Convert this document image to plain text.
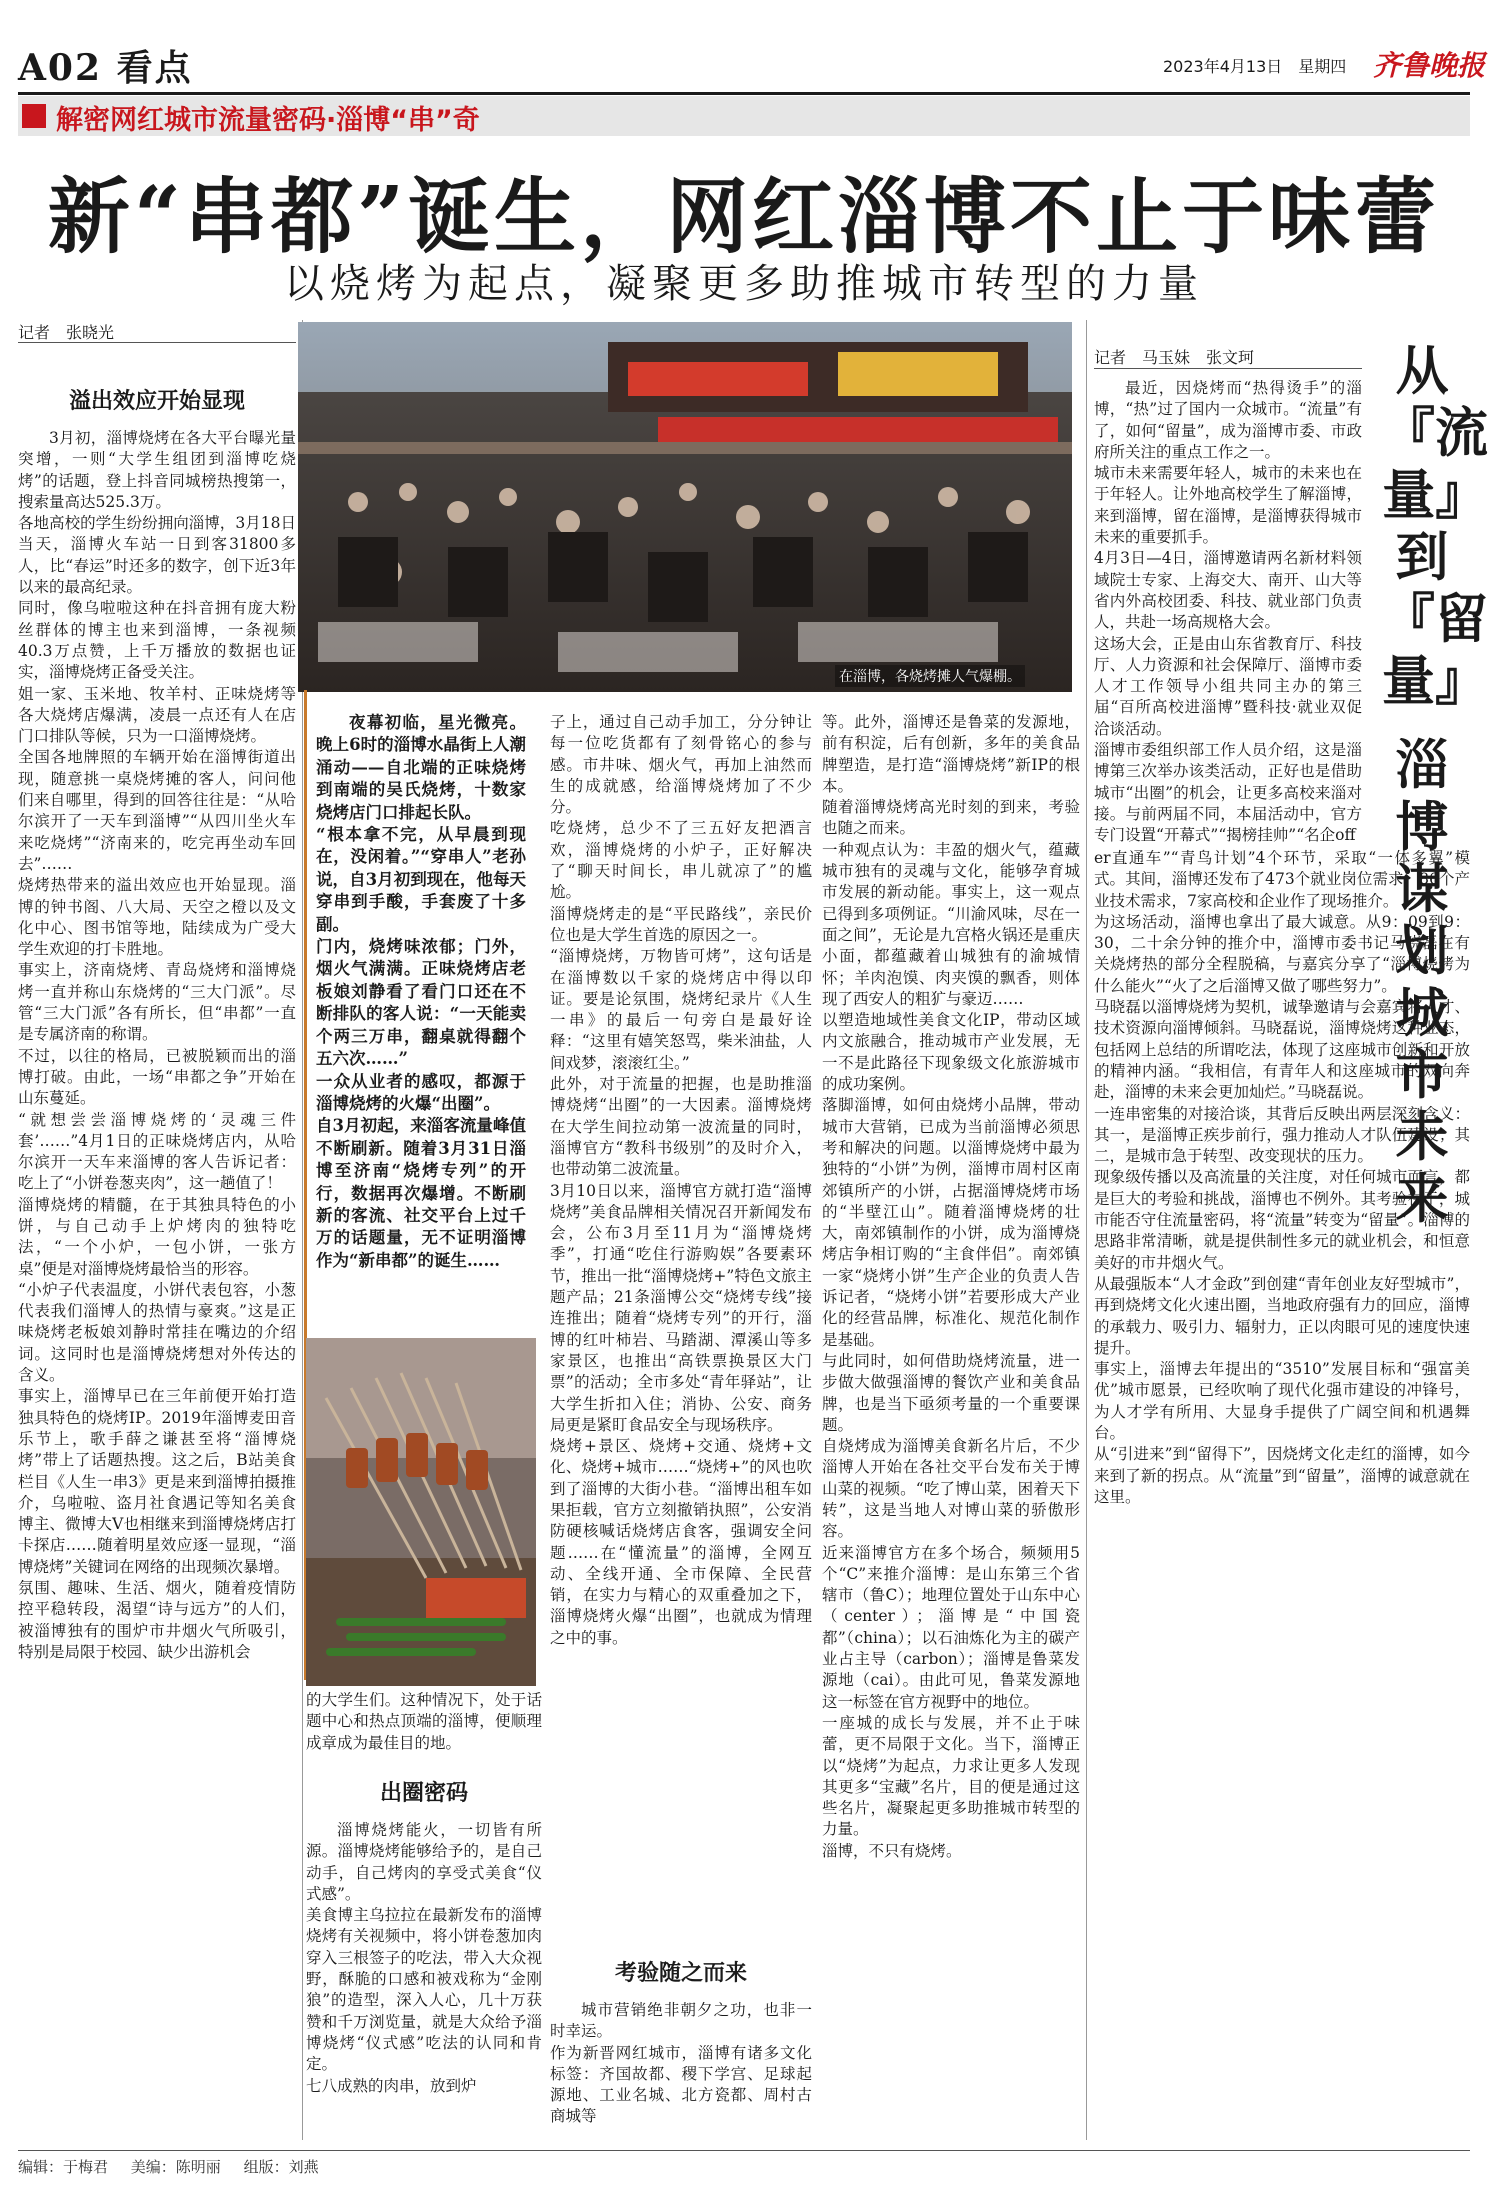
A02 看点	2023年4月13日　星期四 齐鲁晚报
解密网红城市流量密码·淄博“串”奇
新“串都”诞生，网红淄博不止于味蕾
以烧烤为起点，凝聚更多助推城市转型的力量
记者　张晓光
溢出效应开始显现
3月初，淄博烧烤在各大平台曝光量突增，一则“大学生组团到淄博吃烧烤”的话题，登上抖音同城榜热搜第一，搜索量高达525.3万。
各地高校的学生纷纷拥向淄博，3月18日当天，淄博火车站一日到客31800多人，比“春运”时还多的数字，创下近3年以来的最高纪录。
同时，像乌啦啦这种在抖音拥有庞大粉丝群体的博主也来到淄博，一条视频40.3万点赞，上千万播放的数据也证实，淄博烧烤正备受关注。
姐一家、玉米地、牧羊村、正味烧烤等各大烧烤店爆满，凌晨一点还有人在店门口排队等候，只为一口淄博烧烤。
全国各地牌照的车辆开始在淄博街道出现，随意挑一桌烧烤摊的客人，问问他们来自哪里，得到的回答往往是：“从哈尔滨开了一天车到淄博”“从四川坐火车来吃烧烤”“济南来的，吃完再坐动车回去”……
烧烤热带来的溢出效应也开始显现。淄博的钟书阁、八大局、天空之橙以及文化中心、图书馆等地，陆续成为广受大学生欢迎的打卡胜地。
事实上，济南烧烤、青岛烧烤和淄博烧烤一直并称山东烧烤的“三大门派”。尽管“三大门派”各有所长，但“串都”一直是专属济南的称谓。
不过，以往的格局，已被脱颖而出的淄博打破。由此，一场“串都之争”开始在山东蔓延。
“就想尝尝淄博烧烤的‘灵魂三件套’……”4月1日的正味烧烤店内，从哈尔滨开一天车来淄博的客人告诉记者：吃上了“小饼卷葱夹肉”，这一趟值了！
淄博烧烤的精髓，在于其独具特色的小饼，与自己动手上炉烤肉的独特吃法，“一个小炉，一包小饼，一张方桌”便是对淄博烧烤最恰当的形容。
“小炉子代表温度，小饼代表包容，小葱代表我们淄博人的热情与豪爽。”这是正味烧烤老板娘刘静时常挂在嘴边的介绍词。这同时也是淄博烧烤想对外传达的含义。
事实上，淄博早已在三年前便开始打造独具特色的烧烤IP。2019年淄博麦田音乐节上，歌手薛之谦甚至将“淄博烧烤”带上了话题热搜。这之后，B站美食栏目《人生一串3》更是来到淄博拍摄推介，乌啦啦、盗月社食遇记等知名美食博主、微博大V也相继来到淄博烧烤店打卡探店……随着明星效应逐一显现，“淄博烧烤”关键词在网络的出现频次暴增。
氛围、趣味、生活、烟火，随着疫情防控平稳转段，渴望“诗与远方”的人们，被淄博独有的围炉市井烟火气所吸引，特别是局限于校园、缺少出游机会
在淄博，各烧烤摊人气爆棚。
夜幕初临，星光微亮。晚上6时的淄博水晶街上人潮涌动——自北端的正味烧烤到南端的吴氏烧烤，十数家烧烤店门口排起长队。
“根本拿不完，从早晨到现在，没闲着。”“穿串人”老孙说，自3月初到现在，他每天穿串到手酸，手套废了十多副。
门内，烧烤味浓郁；门外，烟火气满满。正味烧烤店老板娘刘静看了看门口还在不断排队的客人说：“一天能卖个两三万串，翻桌就得翻个五六次……”
一众从业者的感叹，都源于淄博烧烤的火爆“出圈”。
自3月初起，来淄客流量峰值不断刷新。随着3月31日淄博至济南“烧烤专列”的开行，数据再次爆增。不断刷新的客流、社交平台上过千万的话题量，无不证明淄博作为“新串都”的诞生……
的大学生们。这种情况下，处于话题中心和热点顶端的淄博，便顺理成章成为最佳目的地。
出圈密码
淄博烧烤能火，一切皆有所源。淄博烧烤能够给予的，是自己动手，自己烤肉的享受式美食“仪式感”。
美食博主乌拉拉在最新发布的淄博烧烤有关视频中，将小饼卷葱加肉穿入三根签子的吃法，带入大众视野，酥脆的口感和被戏称为“金刚狼”的造型，深入人心，几十万获赞和千万浏览量，就是大众给予淄博烧烤“仪式感”吃法的认同和肯定。
七八成熟的肉串，放到炉
子上，通过自己动手加工，分分钟让每一位吃货都有了刻骨铭心的参与感。市井味、烟火气，再加上油然而生的成就感，给淄博烧烤加了不少分。
吃烧烤，总少不了三五好友把酒言欢，淄博烧烤的小炉子，正好解决了“聊天时间长，串儿就凉了”的尴尬。
淄博烧烤走的是“平民路线”，亲民价位也是大学生首选的原因之一。
“淄博烧烤，万物皆可烤”，这句话是在淄博数以千家的烧烤店中得以印证。要是论氛围，烧烤纪录片《人生一串》的最后一句旁白是最好诠释：“这里有嬉笑怒骂，柴米油盐，人间戏梦，滚滚红尘。”
此外，对于流量的把握，也是助推淄博烧烤“出圈”的一大因素。淄博烧烤在大学生间拉动第一波流量的同时，淄博官方“教科书级别”的及时介入，也带动第二波流量。
3月10日以来，淄博官方就打造“淄博烧烤”美食品牌相关情况召开新闻发布会，公布3月至11月为“淄博烧烤季”，打通“吃住行游购娱”各要素环节，推出一批“淄博烧烤+”特色文旅主题产品；21条淄博公交“烧烤专线”接连推出；随着“烧烤专列”的开行，淄博的红叶柿岩、马踏湖、潭溪山等多家景区，也推出“高铁票换景区大门票”的活动；全市多处“青年驿站”，让大学生折扣入住；消协、公安、商务局更是紧盯食品安全与现场秩序。
烧烤+景区、烧烤+交通、烧烤+文化、烧烤+城市……“烧烤+”的风也吹到了淄博的大街小巷。“淄博出租车如果拒载，官方立刻撤销执照”，公安消防硬核喊话烧烤店食客，强调安全问题……在“懂流量”的淄博，全网互动、全线开通、全市保障、全民营销，在实力与精心的双重叠加之下，淄博烧烤火爆“出圈”，也就成为情理之中的事。
考验随之而来
城市营销绝非朝夕之功，也非一时幸运。
作为新晋网红城市，淄博有诸多文化标签：齐国故都、稷下学宫、足球起源地、工业名城、北方瓷都、周村古商城等
等。此外，淄博还是鲁菜的发源地，前有积淀，后有创新，多年的美食品牌塑造，是打造“淄博烧烤”新IP的根本。
随着淄博烧烤高光时刻的到来，考验也随之而来。
一种观点认为：丰盈的烟火气，蕴藏城市独有的灵魂与文化，能够孕育城市发展的新动能。事实上，这一观点已得到多项例证。“川渝风味，尽在一面之间”，无论是九宫格火锅还是重庆小面，都蕴藏着山城独有的渝城情怀；羊肉泡馍、肉夹馍的飘香，则体现了西安人的粗犷与豪迈……
以塑造地域性美食文化IP，带动区域内文旅融合，推动城市产业发展，无一不是此路径下现象级文化旅游城市的成功案例。
落脚淄博，如何由烧烤小品牌，带动城市大营销，已成为当前淄博必须思考和解决的问题。以淄博烧烤中最为独特的“小饼”为例，淄博市周村区南郊镇所产的小饼，占据淄博烧烤市场的“半壁江山”。随着淄博烧烤的壮大，南郊镇制作的小饼，成为淄博烧烤店争相订购的“主食伴侣”。南郊镇一家“烧烤小饼”生产企业的负责人告诉记者，“烧烤小饼”若要形成大产业化的经营品牌，标准化、规范化制作是基础。
与此同时，如何借助烧烤流量，进一步做大做强淄博的餐饮产业和美食品牌，也是当下亟须考量的一个重要课题。
自烧烤成为淄博美食新名片后，不少淄博人开始在各社交平台发布关于博山菜的视频。“吃了博山菜，困着天下转”，这是当地人对博山菜的骄傲形容。
近来淄博官方在多个场合，频频用5个“C”来推介淄博：是山东第三个省辖市（鲁C）；地理位置处于山东中心（center）；淄博是“中国瓷都”（china）；以石油炼化为主的碳产业占主导（carbon）；淄博是鲁菜发源地（cai）。由此可见，鲁菜发源地这一标签在官方视野中的地位。
一座城的成长与发展，并不止于味蕾，更不局限于文化。当下，淄博正以“烧烤”为起点，力求让更多人发现其更多“宝藏”名片，目的便是通过这些名片，凝聚起更多助推城市转型的力量。
淄博，不只有烧烤。
记者　马玉妹　张文珂	从『流量』到『留量』
淄博谋划城市未来
最近，因烧烤而“热得烫手”的淄博，“热”过了国内一众城市。“流量”有了，如何“留量”，成为淄博市委、市政府所关注的重点工作之一。
城市未来需要年轻人，城市的未来也在于年轻人。让外地高校学生了解淄博，来到淄博，留在淄博，是淄博获得城市未来的重要抓手。
4月3日—4日，淄博邀请两名新材料领域院士专家、上海交大、南开、山大等省内外高校团委、科技、就业部门负责人，共赴一场高规格大会。
这场大会，正是由山东省教育厅、科技厅、人力资源和社会保障厅、淄博市委人才工作领导小组共同主办的第三届“百所高校进淄博”暨科技·就业双促洽谈活动。
淄博市委组织部工作人员介绍，这是淄博第三次举办该类活动，正好也是借助城市“出圈”的机会，让更多高校来淄对接。与前两届不同，本届活动中，官方专门设置“开幕式”“揭榜挂帅”“名企off
er直通车”“青鸟计划”4个环节，采取“一体多翼”模式。其间，淄博还发布了473个就业岗位需求、86个产业技术需求，7家高校和企业作了现场推介。
为这场活动，淄博也拿出了最大诚意。从9：09到9：30，二十余分钟的推介中，淄博市委书记马晓磊在有关烧烤热的部分全程脱稿，与嘉宾分享了“淄博烧烤为什么能火”“火了之后淄博又做了哪些努力”。
马晓磊以淄博烧烤为契机，诚挚邀请与会嘉宾将人才、技术资源向淄博倾斜。马晓磊说，淄博烧烤这种业态，包括网上总结的所谓吃法，体现了这座城市创新和开放的精神内涵。“我相信，有青年人和这座城市的双向奔赴，淄博的未来会更加灿烂。”马晓磊说。
一连串密集的对接洽谈，其背后反映出两层深刻含义：其一，是淄博正疾步前行，强力推动人才队伍建设；其二，是城市急于转型、改变现状的压力。
现象级传播以及高流量的关注度，对任何城市而言，都是巨大的考验和挑战，淄博也不例外。其考验在于，城市能否守住流量密码，将“流量”转变为“留量”。淄博的思路非常清晰，就是提供制性多元的就业机会，和恒意美好的市井烟火气。
从最强版本“人才金政”到创建“青年创业友好型城市”，再到烧烤文化火速出圈，当地政府强有力的回应，淄博的承载力、吸引力、辐射力，正以肉眼可见的速度快速提升。
事实上，淄博去年提出的“3510”发展目标和“强富美优”城市愿景，已经吹响了现代化强市建设的冲锋号，为人才学有所用、大显身手提供了广阔空间和机遇舞台。
从“引进来”到“留得下”，因烧烤文化走红的淄博，如今来到了新的拐点。从“流量”到“留量”，淄博的诚意就在这里。
编辑：于梅君 美编：陈明丽 组版：刘燕
